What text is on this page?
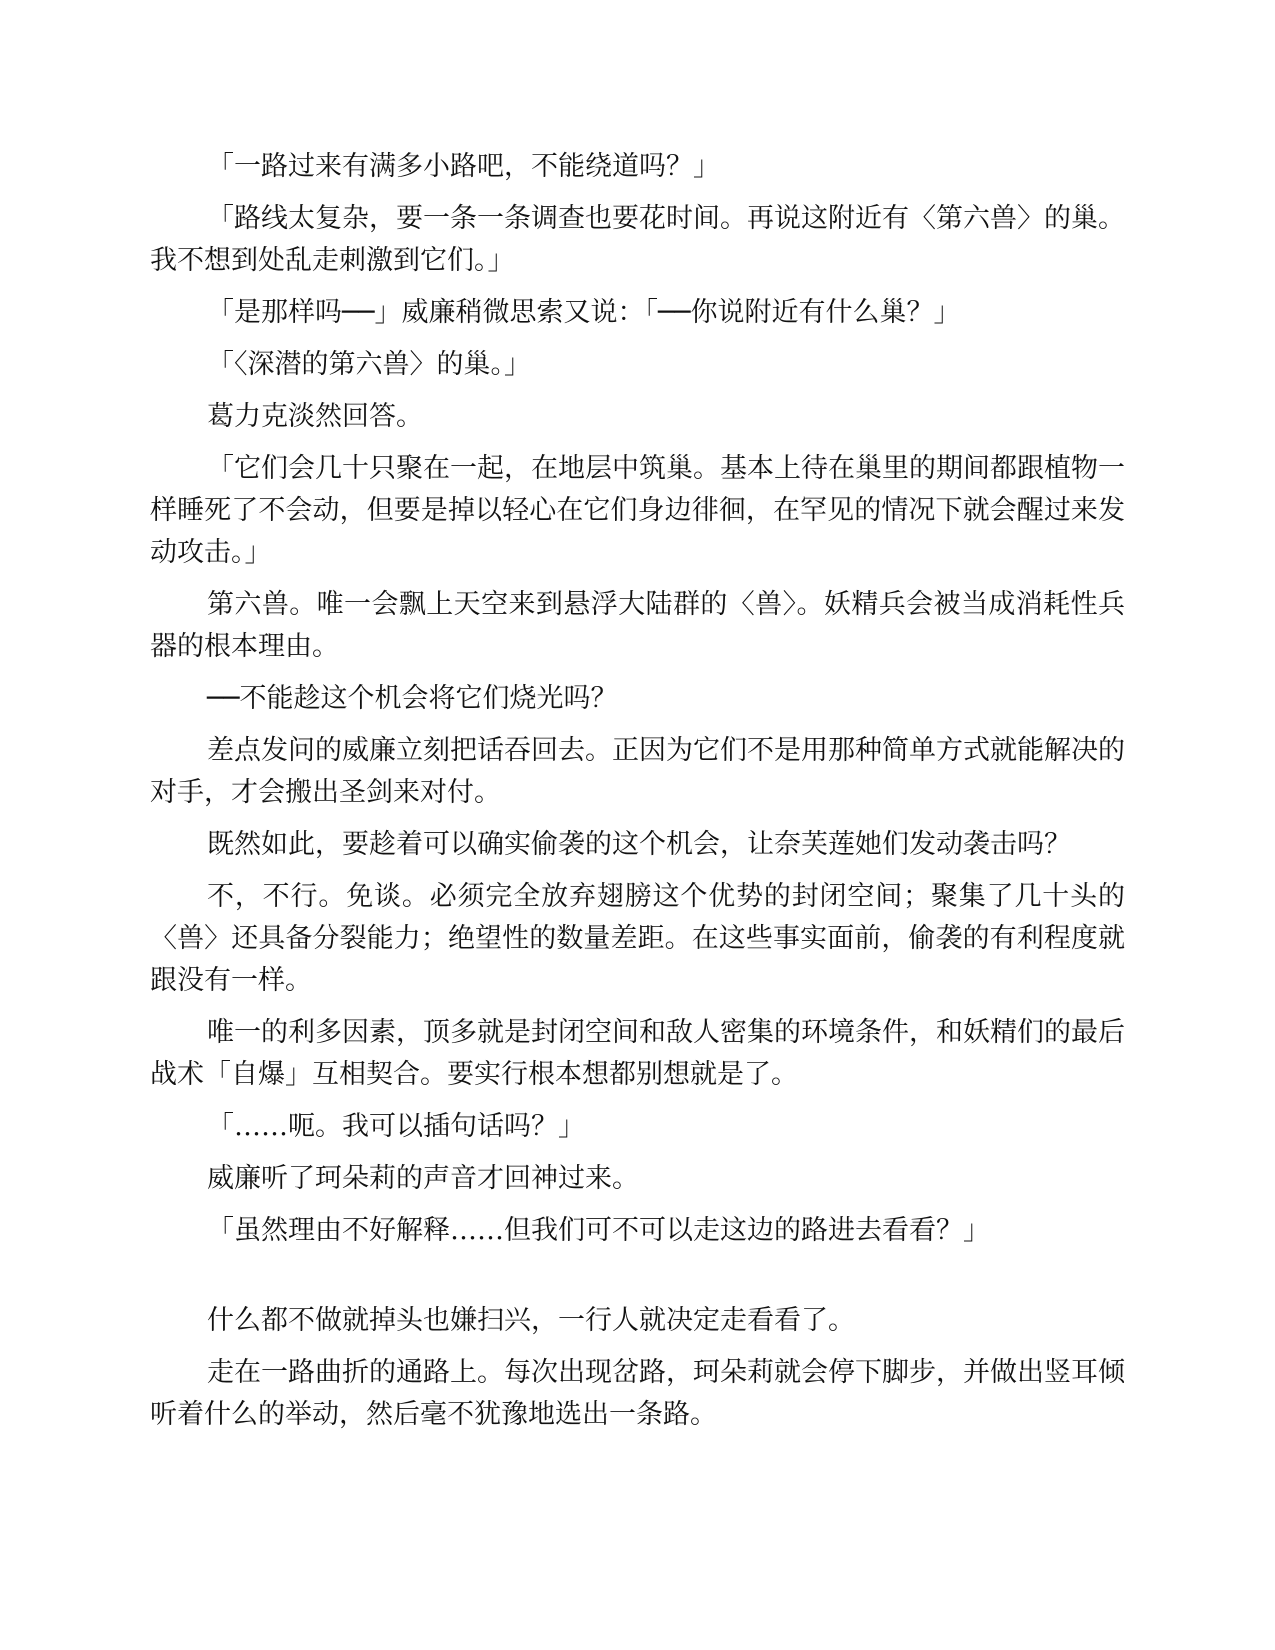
「一路过来有满多小路吧，不能绕道吗？」

「路线太复杂，要一条一条调查也要花时间。再说这附近有〈第六兽〉的巢。我不想到处乱走刺激到它们。」

「是那样吗──」威廉稍微思索又说：「──你说附近有什么巢？」

「〈深潜的第六兽〉的巢。」

葛力克淡然回答。

「它们会几十只聚在一起，在地层中筑巢。基本上待在巢里的期间都跟植物一样睡死了不会动，但要是掉以轻心在它们身边徘徊，在罕见的情况下就会醒过来发动攻击。」

第六兽。唯一会飘上天空来到悬浮大陆群的〈兽〉。妖精兵会被当成消耗性兵器的根本理由。

──不能趁这个机会将它们烧光吗？

差点发问的威廉立刻把话吞回去。正因为它们不是用那种简单方式就能解决的对手，才会搬出圣剑来对付。

既然如此，要趁着可以确实偷袭的这个机会，让奈芙莲她们发动袭击吗？

不，不行。免谈。必须完全放弃翅膀这个优势的封闭空间；聚集了几十头的〈兽〉还具备分裂能力；绝望性的数量差距。在这些事实面前，偷袭的有利程度就跟没有一样。

唯一的利多因素，顶多就是封闭空间和敌人密集的环境条件，和妖精们的最后战术「自爆」互相契合。要实行根本想都别想就是了。

「……呃。我可以插句话吗？」

威廉听了珂朵莉的声音才回神过来。

「虽然理由不好解释……但我们可不可以走这边的路进去看看？」

什么都不做就掉头也嫌扫兴，一行人就决定走看看了。

走在一路曲折的通路上。每次出现岔路，珂朵莉就会停下脚步，并做出竖耳倾听着什么的举动，然后毫不犹豫地选出一条路。
